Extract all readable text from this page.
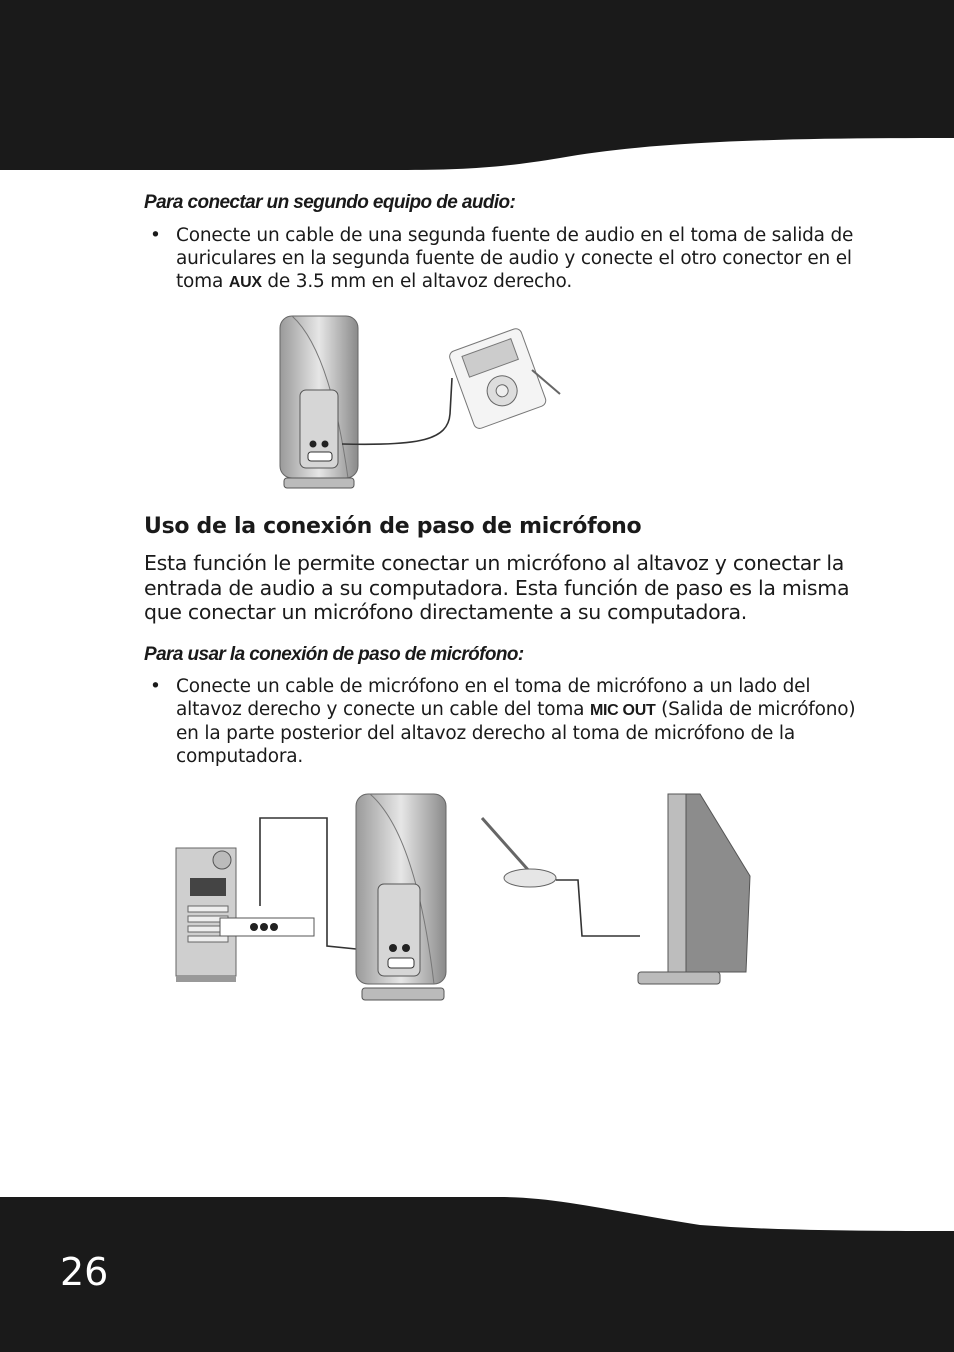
Para conectar un segundo equipo de audio:

• Conecte un cable de una segunda fuente de audio en el toma de salida de auriculares en la segunda fuente de audio y conecte el otro conector en el toma AUX de 3.5 mm en el altavoz derecho.

Uso de la conexión de paso de micrófono

Esta función le permite conectar un micrófono al altavoz y conectar la entrada de audio a su computadora. Esta función de paso es la misma que conectar un micrófono directamente a su computadora.

Para usar la conexión de paso de micrófono:

• Conecte un cable de micrófono en el toma de micrófono a un lado del altavoz derecho y conecte un cable del toma MIC OUT (Salida de micrófono) en la parte posterior del altavoz derecho al toma de micrófono de la computadora.
26
